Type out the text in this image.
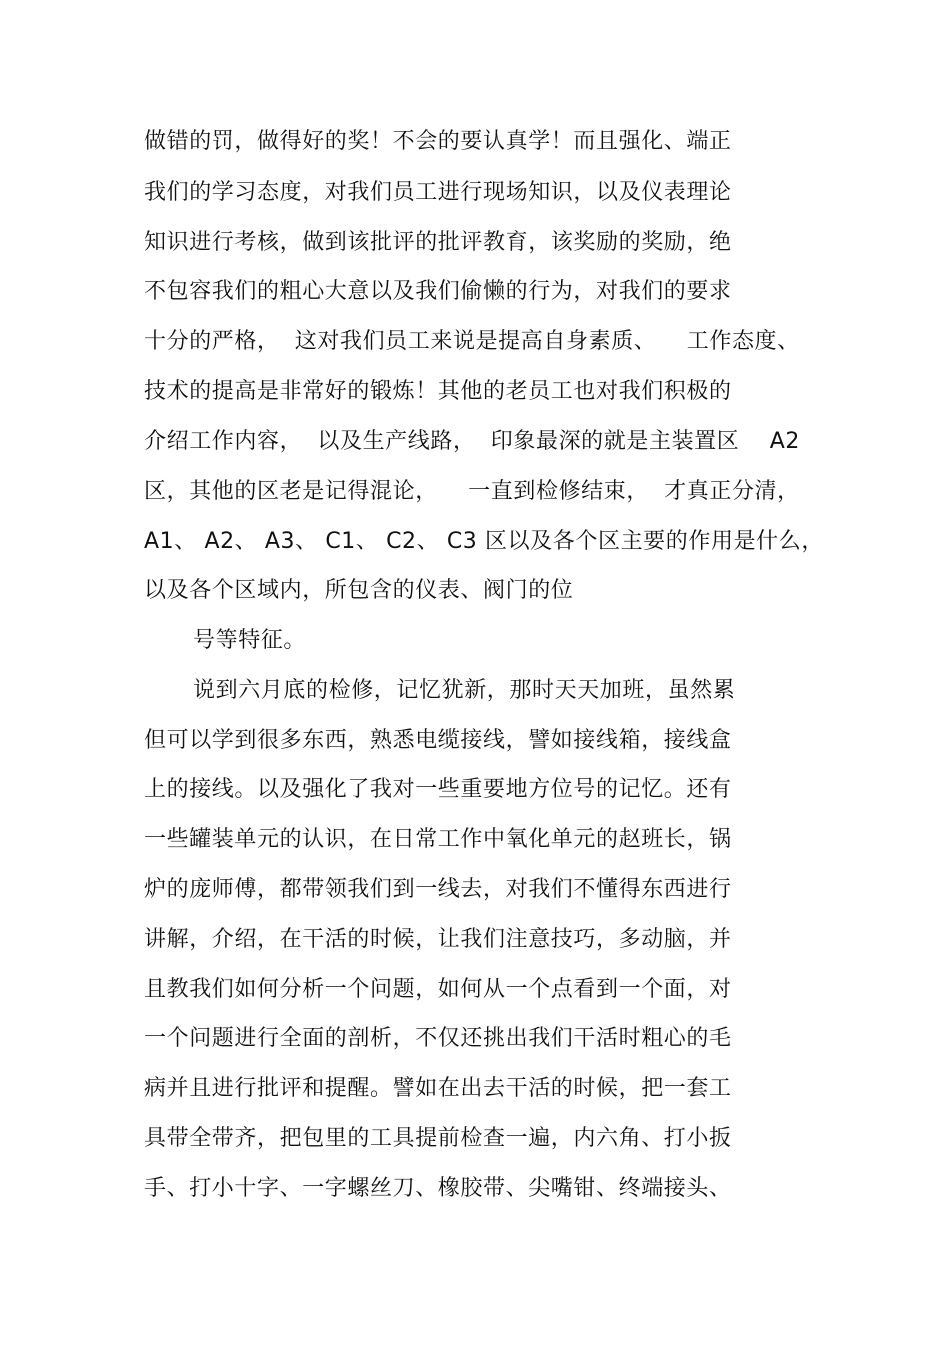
做错的罚，做得好的奖！不会的要认真学！而且强化、端正
我们的学习态度，对我们员工进行现场知识，以及仪表理论
知识进行考核，做到该批评的批评教育，该奖励的奖励，绝
不包容我们的粗心大意以及我们偷懒的行为，对我们的要求
十分的严格，  这对我们员工来说是提高自身素质、    工作态度、
技术的提高是非常好的锻炼！其他的老员工也对我们积极的
介绍工作内容，  以及生产线路，  印象最深的就是主装置区    A2
区，其他的区老是记得混论，    一直到检修结束，  才真正分清，
A1、 A2、 A3、 C1、 C2、 C3 区以及各个区主要的作用是什么，
以及各个区域内，所包含的仪表、阀门的位
号等特征。
说到六月底的检修，记忆犹新，那时天天加班，虽然累
但可以学到很多东西，熟悉电缆接线，譬如接线箱，接线盒
上的接线。以及强化了我对一些重要地方位号的记忆。还有
一些罐装单元的认识，在日常工作中氧化单元的赵班长，锅
炉的庞师傅，都带领我们到一线去，对我们不懂得东西进行
讲解，介绍，在干活的时候，让我们注意技巧，多动脑，并
且教我们如何分析一个问题，如何从一个点看到一个面，对
一个问题进行全面的剖析，不仅还挑出我们干活时粗心的毛
病并且进行批评和提醒。譬如在出去干活的时候，把一套工
具带全带齐，把包里的工具提前检查一遍，内六角、打小扳
手、打小十字、一字螺丝刀、橡胶带、尖嘴钳、终端接头、
